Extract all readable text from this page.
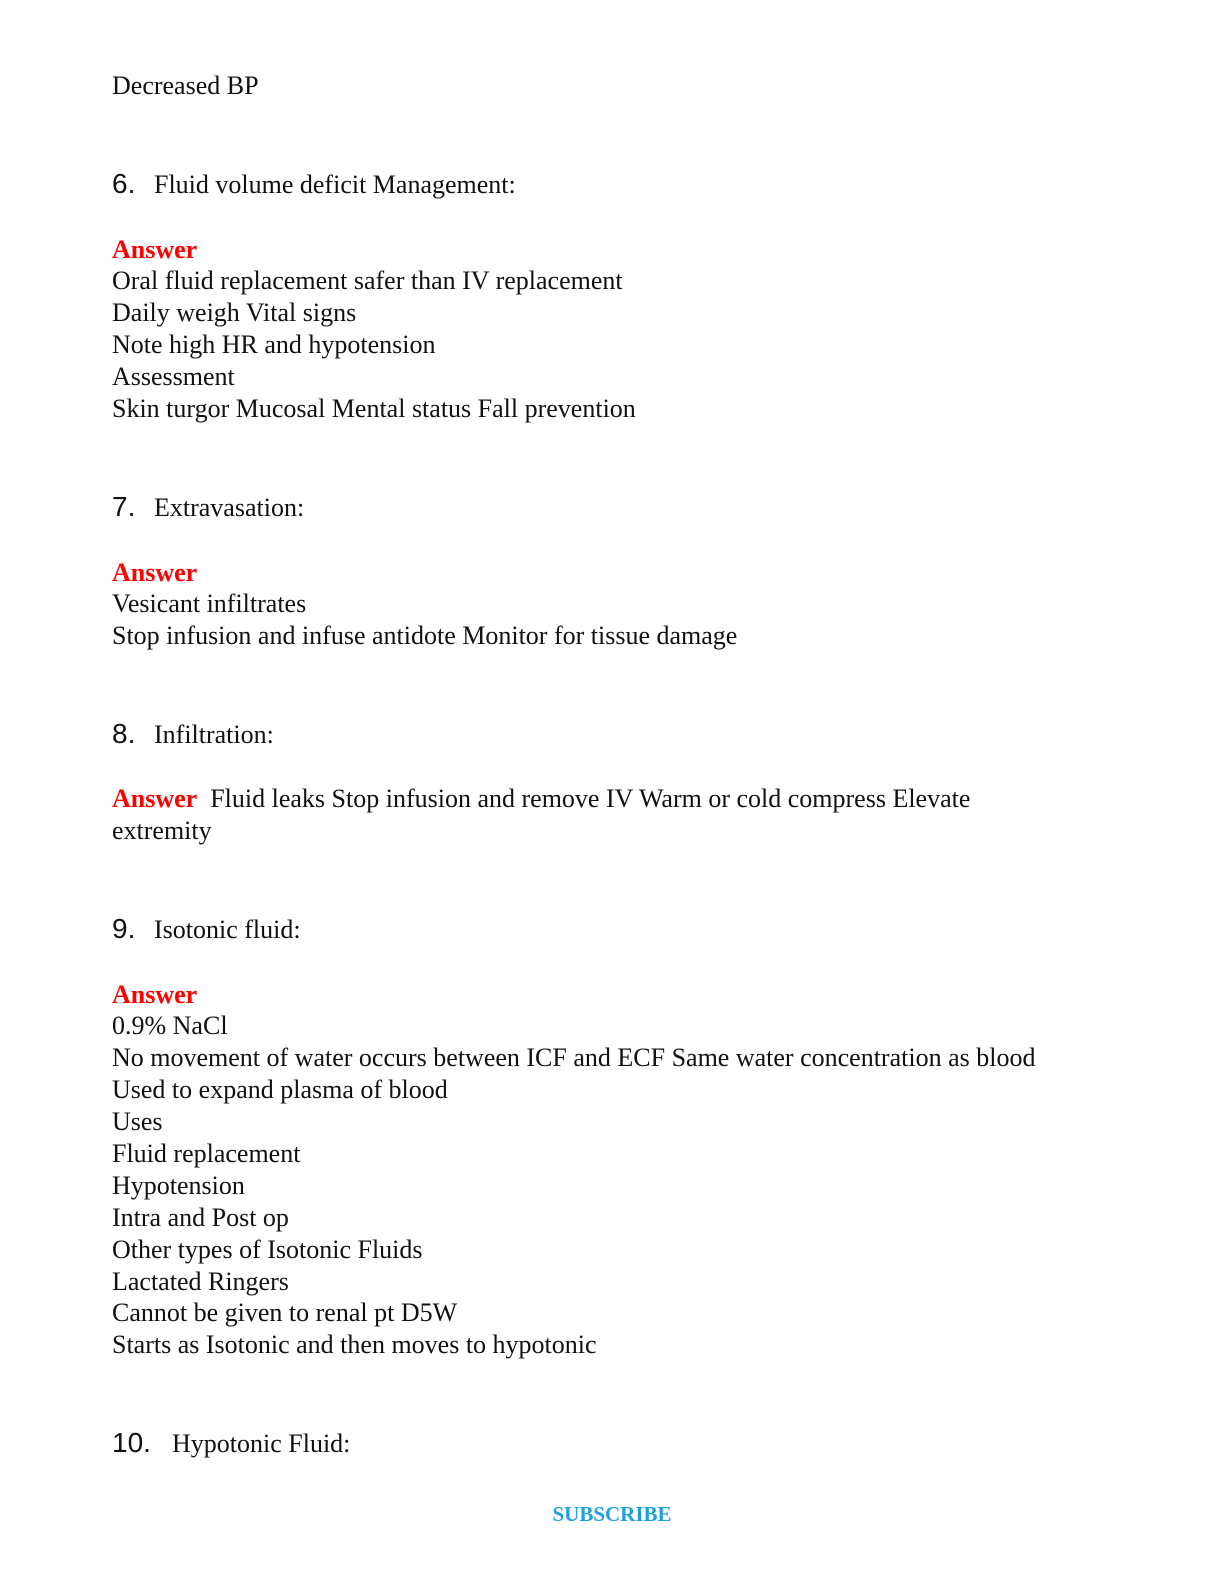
Decreased BP
6. Fluid volume deficit Management:
Answer
Oral fluid replacement safer than IV replacement
Daily weigh Vital signs
Note high HR and hypotension
Assessment
Skin turgor Mucosal Mental status Fall prevention
7. Extravasation:
Answer
Vesicant infiltrates
Stop infusion and infuse antidote Monitor for tissue damage
8. Infiltration:
Answer Fluid leaks Stop infusion and remove IV Warm or cold compress Elevate
extremity
9. Isotonic fluid:
Answer
0.9% NaCl
No movement of water occurs between ICF and ECF Same water concentration as blood
Used to expand plasma of blood
Uses
Fluid replacement
Hypotension
Intra and Post op
Other types of Isotonic Fluids
Lactated Ringers
Cannot be given to renal pt D5W
Starts as Isotonic and then moves to hypotonic
10. Hypotonic Fluid:
SUBSCRIBE
